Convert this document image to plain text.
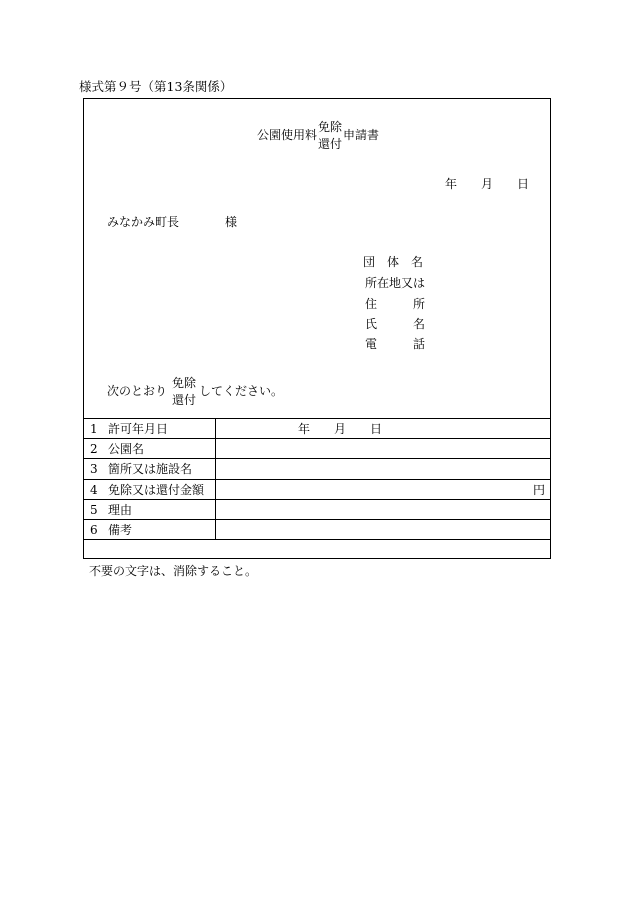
様式第９号（第13条関係）
公園使用料
免除
還付
申請書
年 月 日
みなかみ町長	様
団　体　名
所在地又は
住　　　所
氏　　　名
電　　　話
次のとおり
免除
還付
してください。
1 許可年月日	年 月 日
2 公園名
3 箇所又は施設名
4 免除又は還付金額	円
5 理由
6 備考
不要の文字は、消除すること。
